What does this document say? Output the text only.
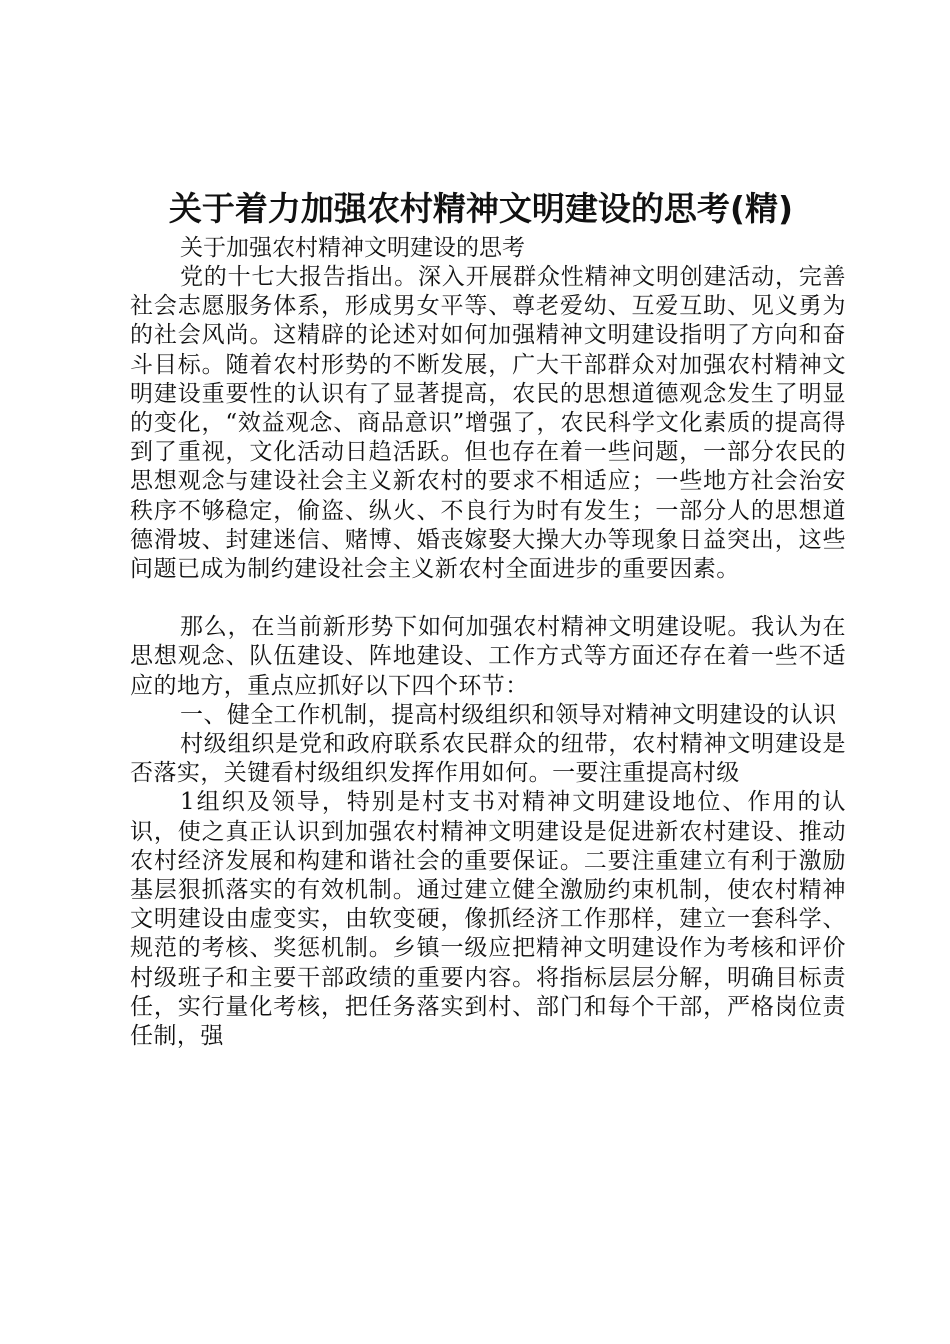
关于着力加强农村精神文明建设的思考(精)

关于加强农村精神文明建设的思考

党的十七大报告指出。深入开展群众性精神文明创建活动，完善社会志愿服务体系，形成男女平等、尊老爱幼、互爱互助、见义勇为的社会风尚。这精辟的论述对如何加强精神文明建设指明了方向和奋斗目标。随着农村形势的不断发展，广大干部群众对加强农村精神文明建设重要性的认识有了显著提高，农民的思想道德观念发生了明显的变化，“效益观念、商品意识”增强了，农民科学文化素质的提高得到了重视，文化活动日趋活跃。但也存在着一些问题，一部分农民的思想观念与建设社会主义新农村的要求不相适应；一些地方社会治安秩序不够稳定，偷盗、纵火、不良行为时有发生；一部分人的思想道德滑坡、封建迷信、赌博、婚丧嫁娶大操大办等现象日益突出，这些问题已成为制约建设社会主义新农村全面进步的重要因素。

那么，在当前新形势下如何加强农村精神文明建设呢。我认为在思想观念、队伍建设、阵地建设、工作方式等方面还存在着一些不适应的地方，重点应抓好以下四个环节：

一、健全工作机制，提高村级组织和领导对精神文明建设的认识

村级组织是党和政府联系农民群众的纽带，农村精神文明建设是否落实，关键看村级组织发挥作用如何。一要注重提高村级

1组织及领导，特别是村支书对精神文明建设地位、作用的认识，使之真正认识到加强农村精神文明建设是促进新农村建设、推动农村经济发展和构建和谐社会的重要保证。二要注重建立有利于激励基层狠抓落实的有效机制。通过建立健全激励约束机制，使农村精神文明建设由虚变实，由软变硬，像抓经济工作那样，建立一套科学、规范的考核、奖惩机制。乡镇一级应把精神文明建设作为考核和评价村级班子和主要干部政绩的重要内容。将指标层层分解，明确目标责任，实行量化考核，把任务落实到村、部门和每个干部，严格岗位责任制，强
